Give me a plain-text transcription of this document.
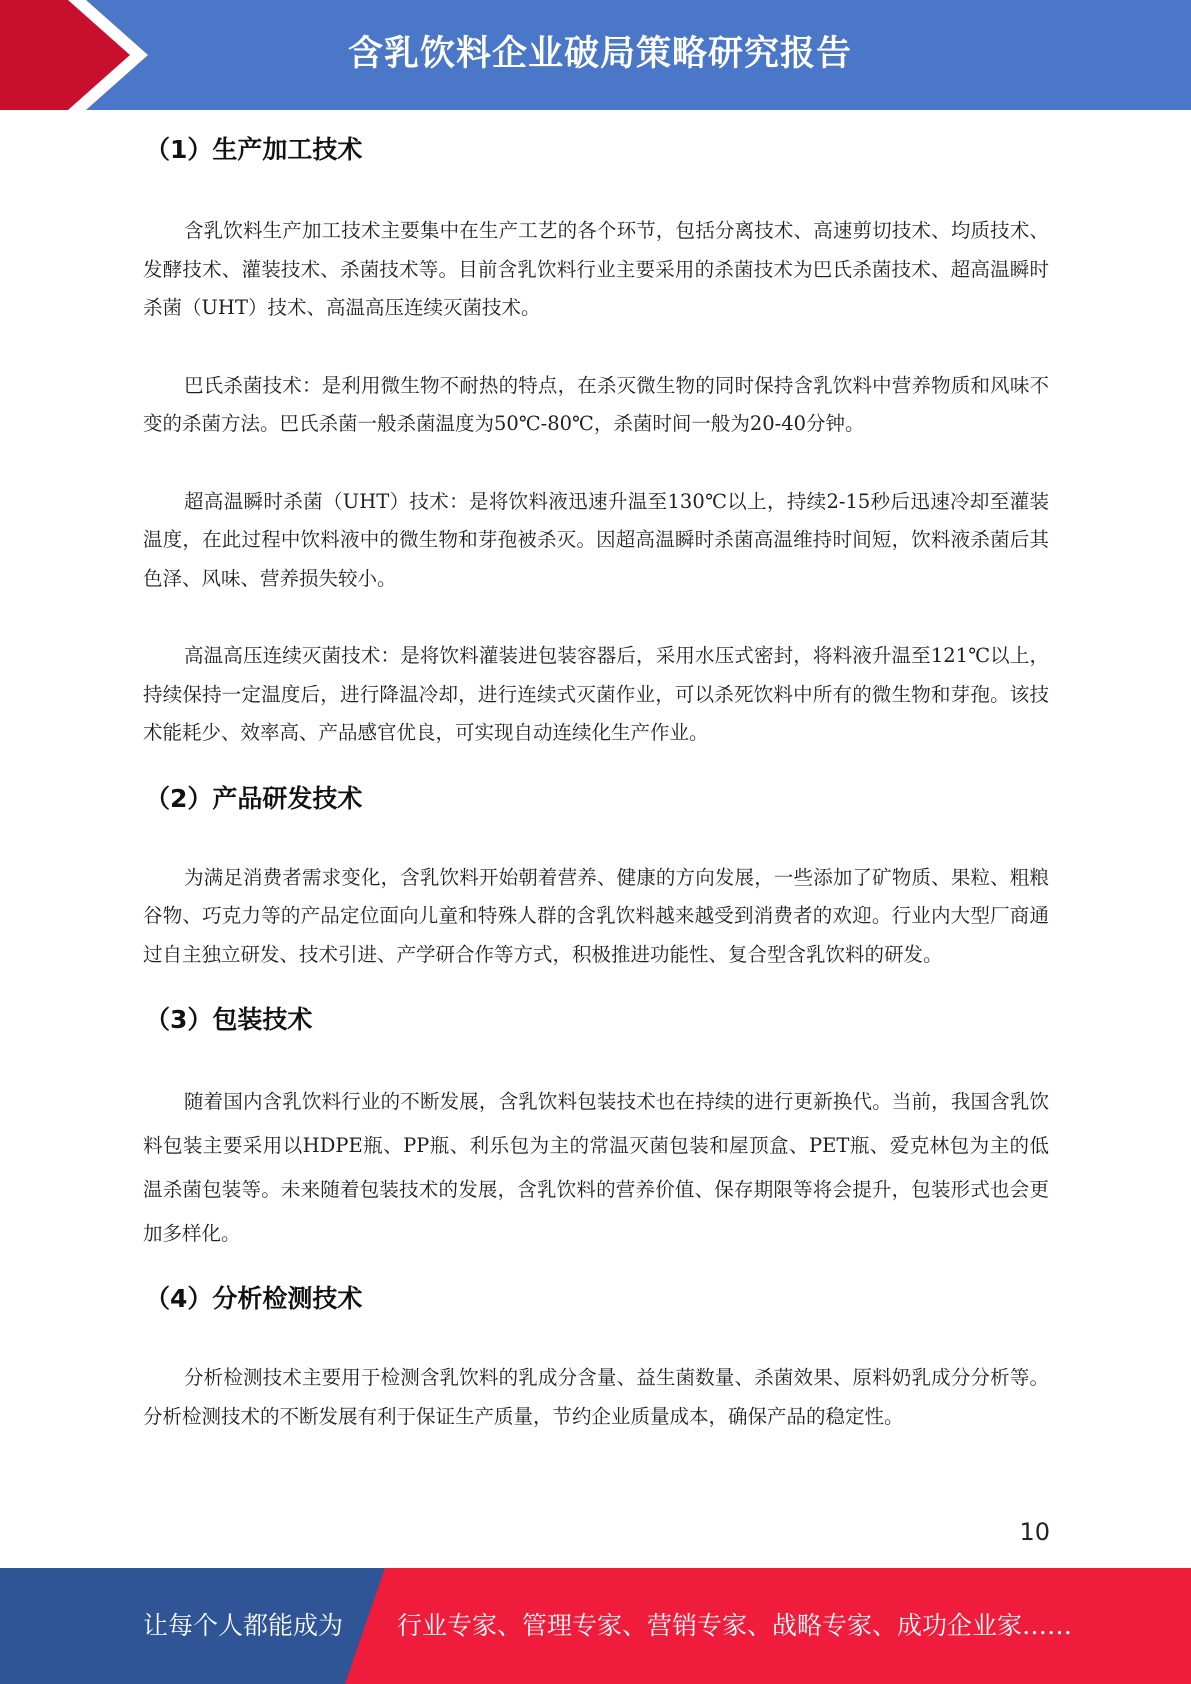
含乳饮料企业破局策略研究报告
（1）生产加工技术

含乳饮料生产加工技术主要集中在生产工艺的各个环节，包括分离技术、高速剪切技术、均质技术、发酵技术、灌装技术、杀菌技术等。目前含乳饮料行业主要采用的杀菌技术为巴氏杀菌技术、超高温瞬时杀菌（UHT）技术、高温高压连续灭菌技术。

巴氏杀菌技术：是利用微生物不耐热的特点，在杀灭微生物的同时保持含乳饮料中营养物质和风味不变的杀菌方法。巴氏杀菌一般杀菌温度为50℃-80℃，杀菌时间一般为20-40分钟。

超高温瞬时杀菌（UHT）技术：是将饮料液迅速升温至130℃以上，持续2-15秒后迅速冷却至灌装温度，在此过程中饮料液中的微生物和芽孢被杀灭。因超高温瞬时杀菌高温维持时间短，饮料液杀菌后其色泽、风味、营养损失较小。

高温高压连续灭菌技术：是将饮料灌装进包装容器后，采用水压式密封，将料液升温至121℃以上，持续保持一定温度后，进行降温冷却，进行连续式灭菌作业，可以杀死饮料中所有的微生物和芽孢。该技术能耗少、效率高、产品感官优良，可实现自动连续化生产作业。

（2）产品研发技术

为满足消费者需求变化，含乳饮料开始朝着营养、健康的方向发展，一些添加了矿物质、果粒、粗粮谷物、巧克力等的产品定位面向儿童和特殊人群的含乳饮料越来越受到消费者的欢迎。行业内大型厂商通过自主独立研发、技术引进、产学研合作等方式，积极推进功能性、复合型含乳饮料的研发。

（3）包装技术

随着国内含乳饮料行业的不断发展，含乳饮料包装技术也在持续的进行更新换代。当前，我国含乳饮料包装主要采用以HDPE瓶、PP瓶、利乐包为主的常温灭菌包装和屋顶盒、PET瓶、爱克林包为主的低温杀菌包装等。未来随着包装技术的发展，含乳饮料的营养价值、保存期限等将会提升，包装形式也会更加多样化。

（4）分析检测技术

分析检测技术主要用于检测含乳饮料的乳成分含量、益生菌数量、杀菌效果、原料奶乳成分分析等。分析检测技术的不断发展有利于保证生产质量，节约企业质量成本，确保产品的稳定性。

10
让每个人都能成为 行业专家、管理专家、营销专家、战略专家、成功企业家……
